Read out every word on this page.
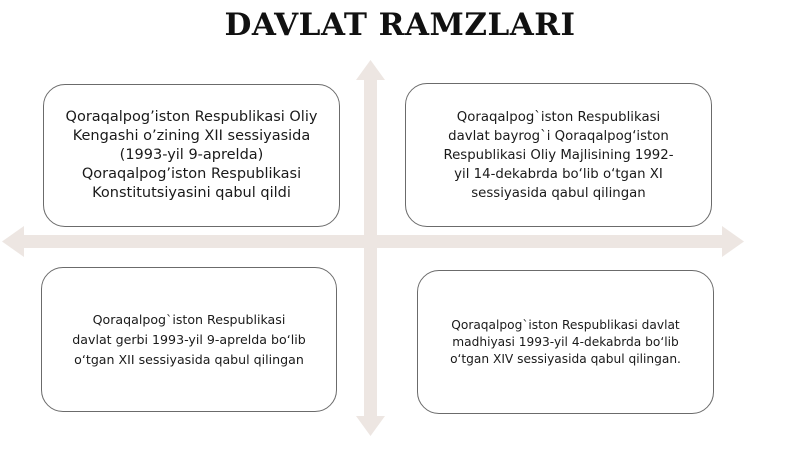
DAVLAT RAMZLARI
Qoraqalpog’iston Respublikasi Oliy
Kengashi o’zining XII sessiyasida
(1993-yil 9-aprelda)
Qoraqalpog’iston Respublikasi
Konstitutsiyasini qabul qildi
Qoraqalpog`iston Respublikasi
davlat bayrog`i Qoraqalpog‘iston
Respublikasi Oliy Majlisining 1992-
yil 14-dekabrda bo‘lib o‘tgan XI
sessiyasida qabul qilingan
Qoraqalpog`iston Respublikasi
davlat gerbi 1993-yil 9-aprelda bo‘lib
o‘tgan XII sessiyasida qabul qilingan
Qoraqalpog`iston Respublikasi davlat
madhiyasi 1993-yil 4-dekabrda bo‘lib
o‘tgan XIV sessiyasida qabul qilingan.
